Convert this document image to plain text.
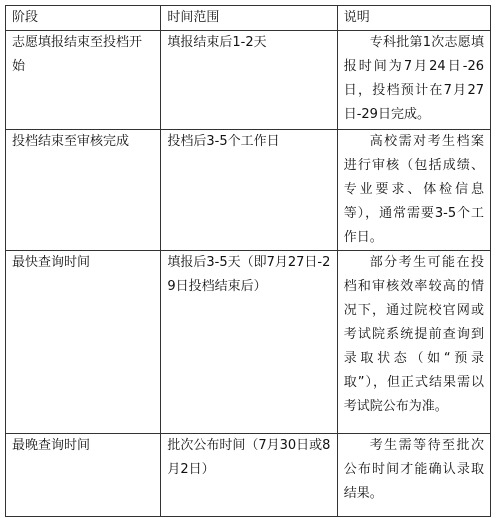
阶段	时间范围	说明
志愿填报结束至投档开始	填报结束后1-2天	专科批第1次志愿填报时间为7月24日-26日，投档预计在7月27日-29日完成。
投档结束至审核完成	投档后3-5个工作日	高校需对考生档案进行审核（包括成绩、专业要求、体检信息等），通常需要3-5个工作日。
最快查询时间	填报后3-5天（即7月27日-29日投档结束后）	部分考生可能在投档和审核效率较高的情况下，通过院校官网或考试院系统提前查询到录取状态（如“预录取”），但正式结果需以考试院公布为准。
最晚查询时间	批次公布时间（7月30日或8月2日）	考生需等待至批次公布时间才能确认录取结果。
